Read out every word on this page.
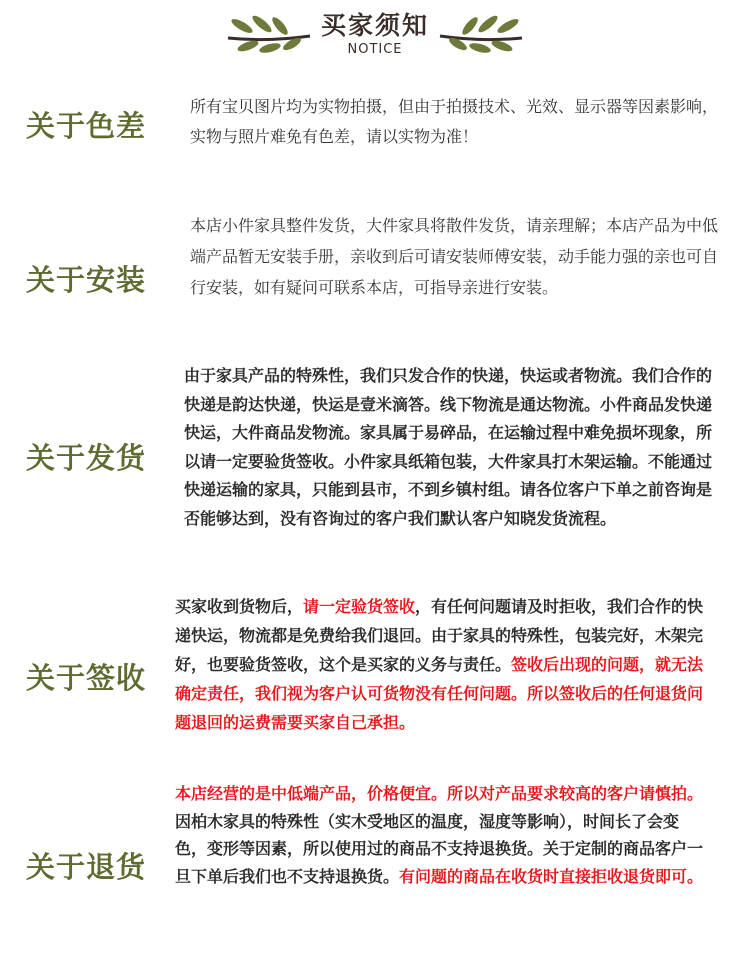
买家须知
NOTICE
关于色差
所有宝贝图片均为实物拍摄，但由于拍摄技术、光效、显示器等因素影响，实物与照片难免有色差，请以实物为准！
关于安装
本店小件家具整件发货，大件家具将散件发货，请亲理解；本店产品为中低端产品暂无安装手册，亲收到后可请安装师傅安装，动手能力强的亲也可自行安装，如有疑问可联系本店，可指导亲进行安装。
关于发货
由于家具产品的特殊性，我们只发合作的快递，快运或者物流。我们合作的快递是韵达快递，快运是壹米滴答。线下物流是通达物流。小件商品发快递快运，大件商品发物流。家具属于易碎品，在运输过程中难免损坏现象，所以请一定要验货签收。小件家具纸箱包装，大件家具打木架运输。不能通过快递运输的家具，只能到县市，不到乡镇村组。请各位客户下单之前咨询是否能够达到，没有咨询过的客户我们默认客户知晓发货流程。
关于签收
买家收到货物后，请一定验货签收，有任何问题请及时拒收，我们合作的快递快运，物流都是免费给我们退回。由于家具的特殊性，包装完好，木架完好，也要验货签收，这个是买家的义务与责任。签收后出现的问题，就无法确定责任，我们视为客户认可货物没有任何问题。所以签收后的任何退货问题退回的运费需要买家自己承担。
关于退货
本店经营的是中低端产品，价格便宜。所以对产品要求较高的客户请慎拍。因柏木家具的特殊性（实木受地区的温度，湿度等影响），时间长了会变色，变形等因素，所以使用过的商品不支持退换货。关于定制的商品客户一旦下单后我们也不支持退换货。有问题的商品在收货时直接拒收退货即可。
